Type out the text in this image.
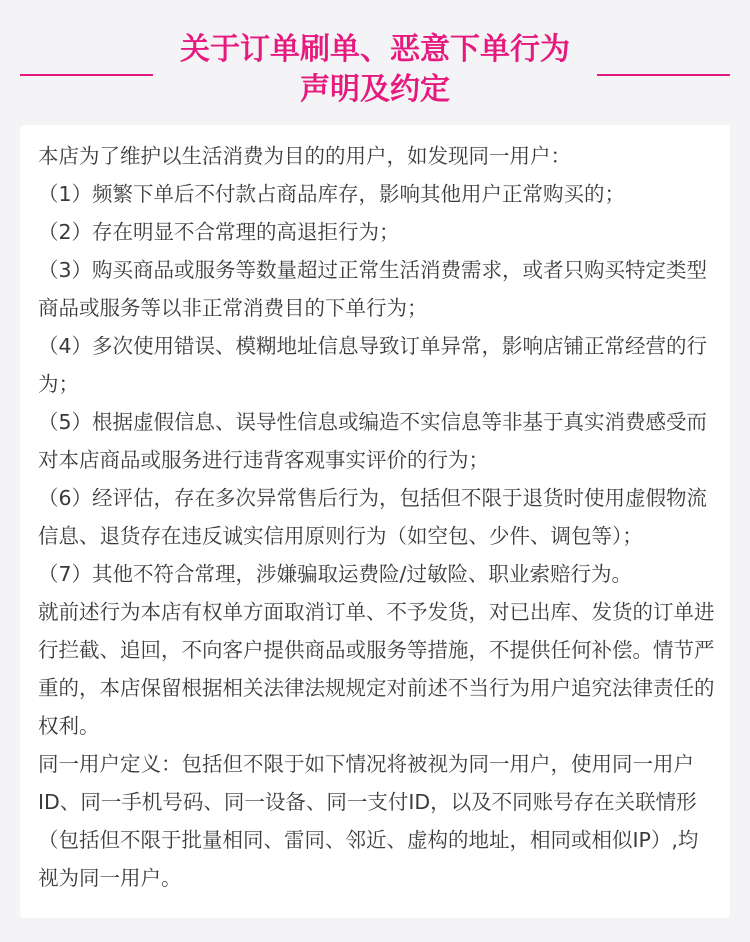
关于订单刷单、恶意下单行为
声明及约定

本店为了维护以生活消费为目的的用户，如发现同一用户：

（1）频繁下单后不付款占商品库存，影响其他用户正常购买的；

（2）存在明显不合常理的高退拒行为；

（3）购买商品或服务等数量超过正常生活消费需求，或者只购买特定类型商品或服务等以非正常消费目的下单行为；

（4）多次使用错误、模糊地址信息导致订单异常，影响店铺正常经营的行为；

（5）根据虚假信息、误导性信息或编造不实信息等非基于真实消费感受而对本店商品或服务进行违背客观事实评价的行为；

（6）经评估，存在多次异常售后行为，包括但不限于退货时使用虚假物流信息、退货存在违反诚实信用原则行为（如空包、少件、调包等）；

（7）其他不符合常理，涉嫌骗取运费险/过敏险、职业索赔行为。

就前述行为本店有权单方面取消订单、不予发货，对已出库、发货的订单进行拦截、追回，不向客户提供商品或服务等措施，不提供任何补偿。情节严重的，本店保留根据相关法律法规规定对前述不当行为用户追究法律责任的权利。

同一用户定义：包括但不限于如下情况将被视为同一用户，使用同一用户ID、同一手机号码、同一设备、同一支付ID，以及不同账号存在关联情形（包括但不限于批量相同、雷同、邻近、虚构的地址，相同或相似IP）,均视为同一用户。
